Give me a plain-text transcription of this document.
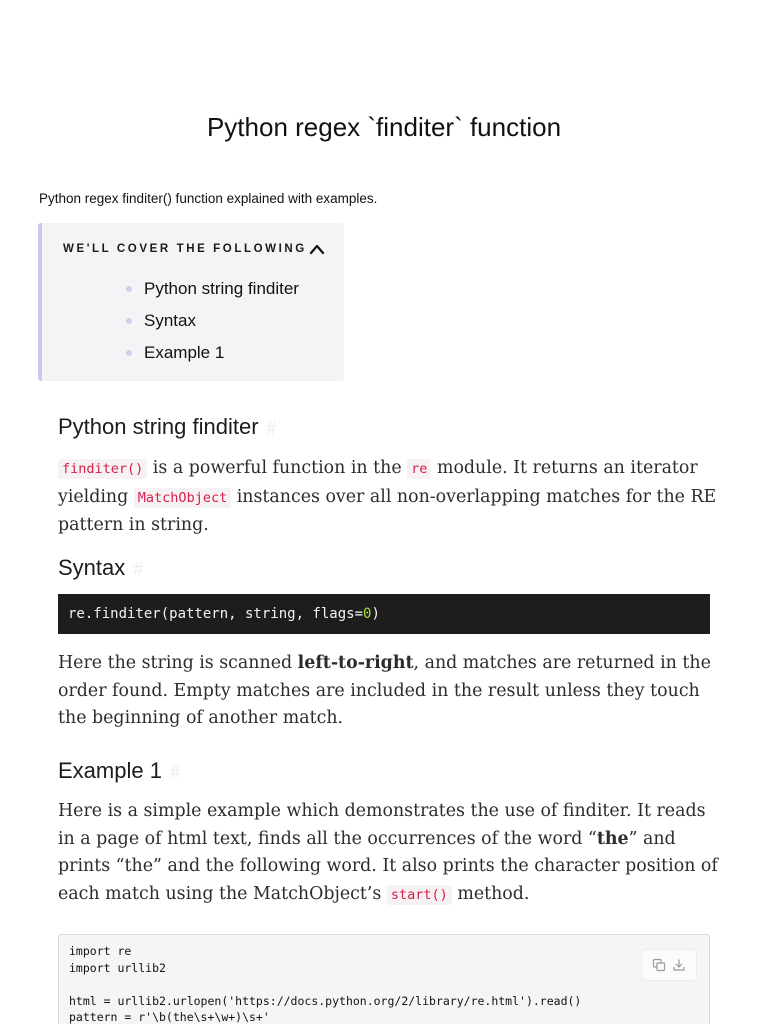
Python regex `finditer` function

Python regex finditer() function explained with examples.

WE'LL COVER THE FOLLOWING
Python string finditer
Syntax
Example 1
Python string finditer #

finditer() is a powerful function in the re module. It returns an iterator yielding MatchObject instances over all non-overlapping matches for the RE pattern in string.

Syntax #
re.finditer(pattern, string, flags=0)

Here the string is scanned left-to-right, and matches are returned in the order found. Empty matches are included in the result unless they touch the beginning of another match.

Example 1 #

Here is a simple example which demonstrates the use of finditer. It reads in a page of html text, finds all the occurrences of the word “the” and prints “the” and the following word. It also prints the character position of each match using the MatchObject’s start() method.

import re
import urllib2
html = urllib2.urlopen('https://docs.python.org/2/library/re.html').read()
pattern = r'\b(the\s+\w+)\s+'
